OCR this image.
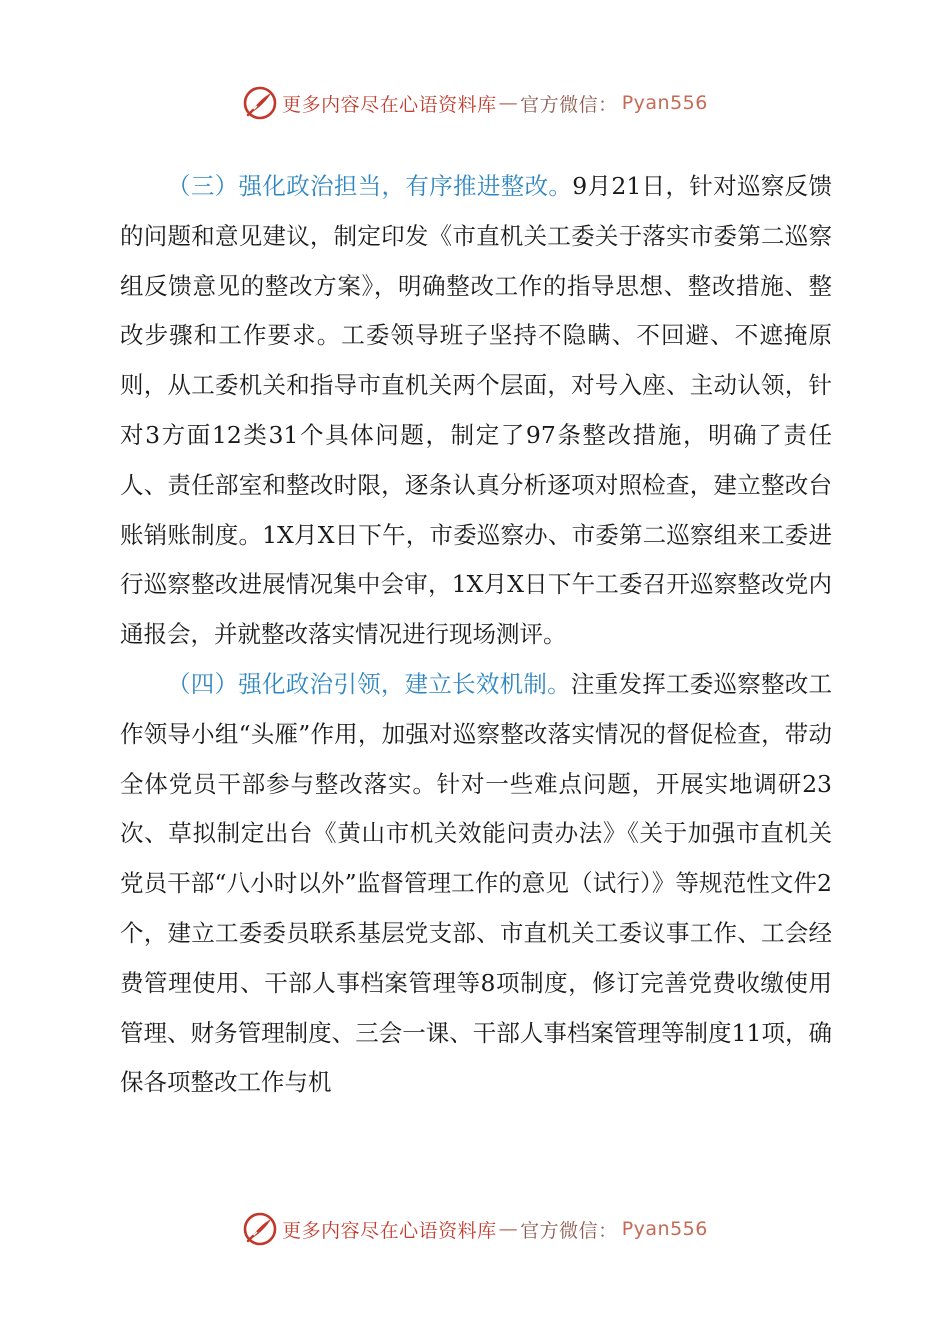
更多内容尽在心语资料库 — 官方微信 ： Pyan556

（三）强化政治担当，有序推进整改。9月21日，针对巡察反馈的问题和意见建议，制定印发《市直机关工委关于落实市委第二巡察组反馈意见的整改方案》，明确整改工作的指导思想、整改措施、整改步骤和工作要求。工委领导班子坚持不隐瞒、不回避、不遮掩原则，从工委机关和指导市直机关两个层面，对号入座、主动认领，针对3方面12类31个具体问题，制定了97条整改措施，明确了责任人、责任部室和整改时限，逐条认真分析逐项对照检查，建立整改台账销账制度。1X月X日下午，市委巡察办、市委第二巡察组来工委进行巡察整改进展情况集中会审，1X月X日下午工委召开巡察整改党内通报会，并就整改落实情况进行现场测评。

（四）强化政治引领，建立长效机制。注重发挥工委巡察整改工作领导小组“头雁”作用，加强对巡察整改落实情况的督促检查，带动全体党员干部参与整改落实。针对一些难点问题，开展实地调研23次、草拟制定出台《黄山市机关效能问责办法》《关于加强市直机关党员干部“八小时以外”监督管理工作的意见（试行）》等规范性文件2个，建立工委委员联系基层党支部、市直机关工委议事工作、工会经费管理使用、干部人事档案管理等8项制度，修订完善党费收缴使用管理、财务管理制度、三会一课、干部人事档案管理等制度11项，确保各项整改工作与机

更多内容尽在心语资料库 — 官方微信 ： Pyan556
